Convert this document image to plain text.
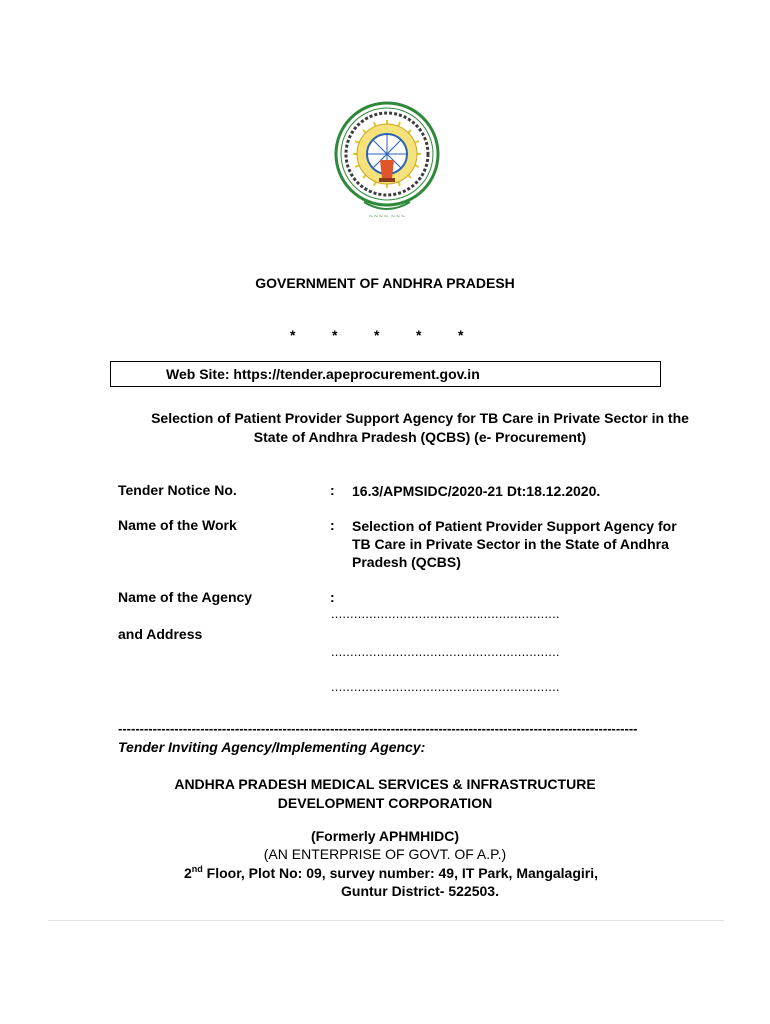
~~~~ ~~~
GOVERNMENT OF ANDHRA PRADESH
*	*	*	*	*
Web Site: https://tender.apeprocurement.gov.in
Selection of Patient Provider Support Agency for TB Care in Private Sector in the
State of Andhra Pradesh (QCBS) (e- Procurement)
Tender Notice No.	: 16.3/APMSIDC/2020-21 Dt:18.12.2020.
Name of the Work	: Selection of Patient Provider Support Agency for
TB Care in Private Sector in the State of Andhra
Pradesh (QCBS)
Name of the Agency	:
............................................................
and Address
............................................................
............................................................
------------------------------------------------------------------------------------------------------------------------
Tender Inviting Agency/Implementing Agency:
ANDHRA PRADESH MEDICAL SERVICES & INFRASTRUCTURE
DEVELOPMENT CORPORATION
(Formerly APHMHIDC)
(AN ENTERPRISE OF GOVT. OF A.P.)
2nd Floor, Plot No: 09, survey number: 49, IT Park, Mangalagiri,
Guntur District- 522503.
